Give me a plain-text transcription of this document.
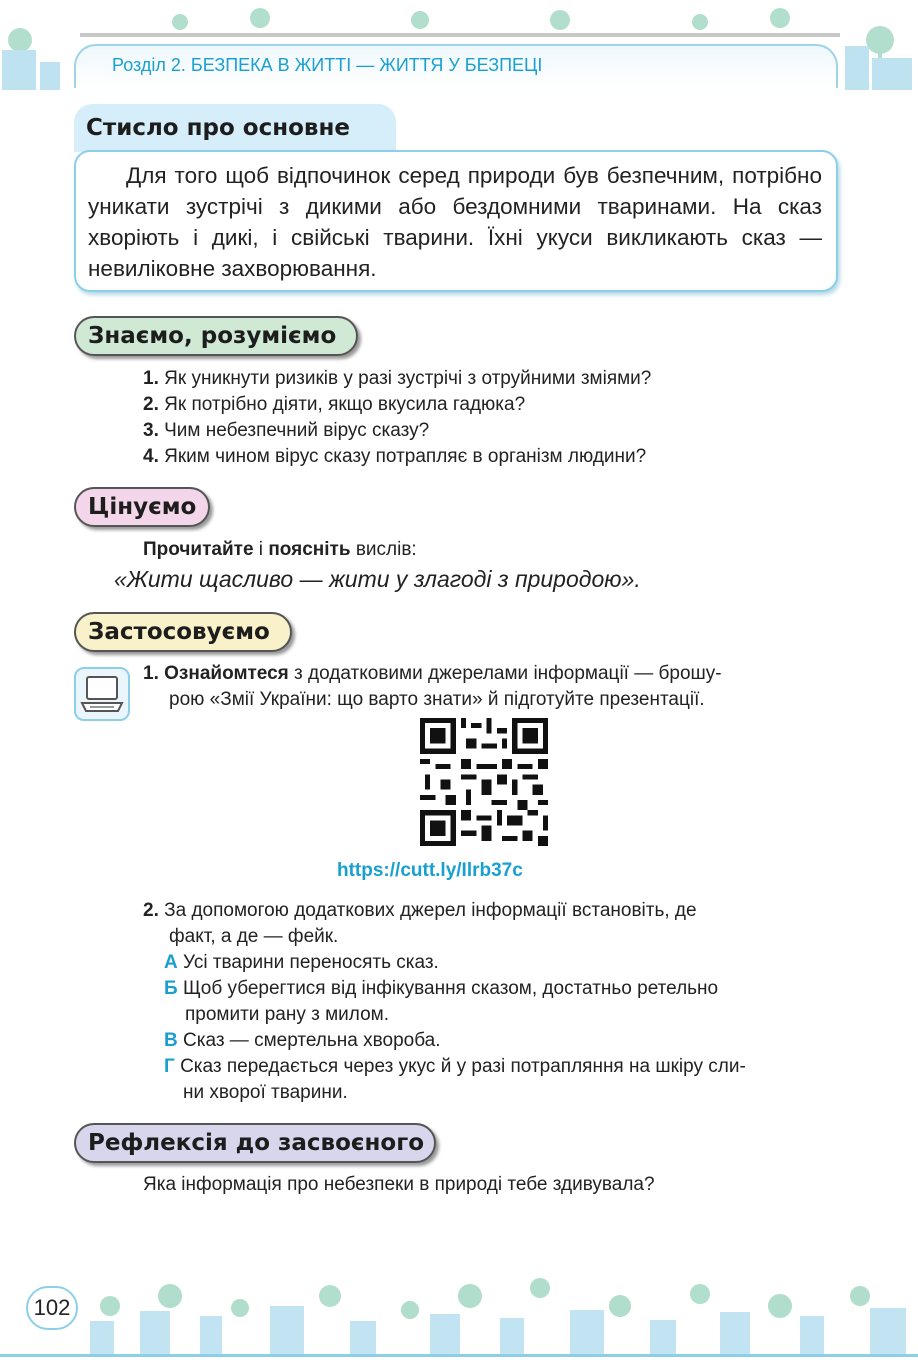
Розділ 2. БЕЗПЕКА В ЖИТТІ — ЖИТТЯ У БЕЗПЕЦІ
Стисло про основне

Для того щоб відпочинок серед природи був безпечним, потрібно уникати зустрічі з дикими або бездомними тваринами. На сказ хворіють і дикі, і свійські тварини. Їхні укуси викликають сказ — невиліковне захворювання.

Знаємо, розуміємо
1. Як уникнути ризиків у разі зустрічі з отруйними зміями?
2. Як потрібно діяти, якщо вкусила гадюка?
3. Чим небезпечний вірус сказу?
4. Яким чином вірус сказу потрапляє в організм людини?
Цінуємо
Прочитайте і поясніть вислів:
«Жити щасливо — жити у злагоді з природою».
Застосовуємо
1. Ознайомтеся з додатковими джерелами інформації — брошу-
рою «Змії України: що варто знати» й підготуйте презентації.
https://cutt.ly/Ilrb37c
2. За допомогою додаткових джерел інформації встановіть, де
факт, а де — фейк.
А Усі тварини переносять сказ.
Б Щоб уберегтися від інфікування сказом, достатньо ретельно
промити рану з милом.
В Сказ — смертельна хвороба.
Г Сказ передається через укус й у разі потрапляння на шкіру сли-
ни хворої тварини.
Рефлексія до засвоєного
Яка інформація про небезпеки в природі тебе здивувала?
102
